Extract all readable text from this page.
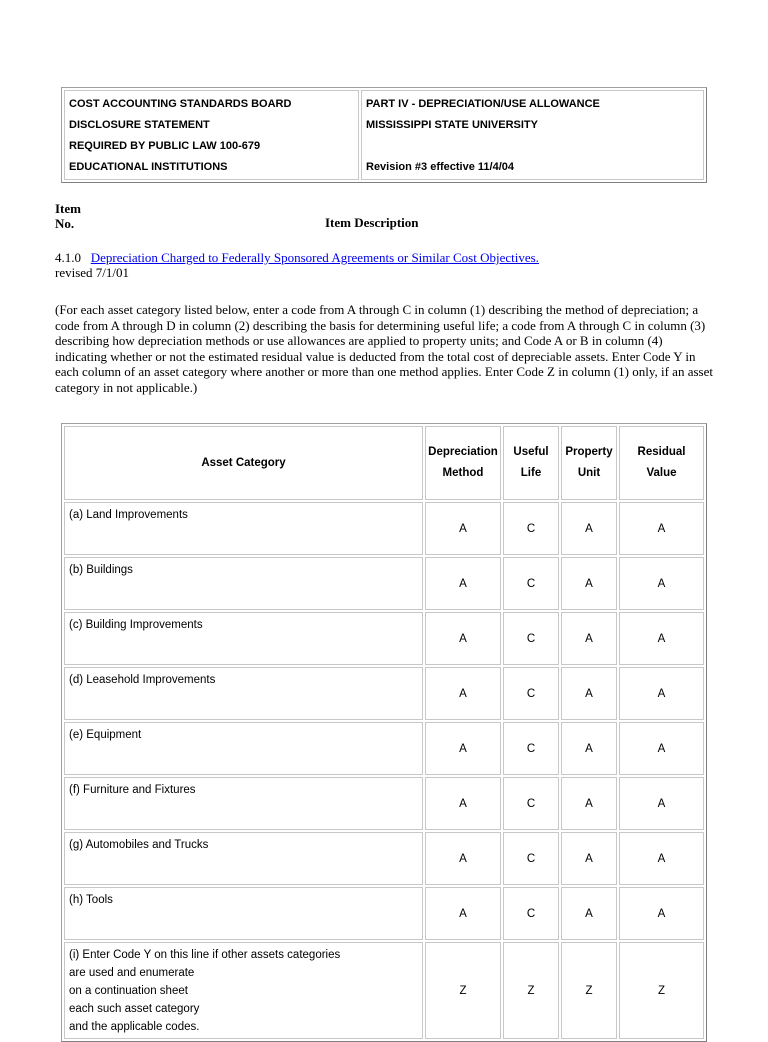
COST ACCOUNTING STANDARDS BOARD
DISCLOSURE STATEMENT
REQUIRED BY PUBLIC LAW 100-679
EDUCATIONAL INSTITUTIONS

PART IV - DEPRECIATION/USE ALLOWANCE
MISSISSIPPI STATE UNIVERSITY
Revision #3 effective 11/4/04
Item
No.	Item Description
4.1.0 Depreciation Charged to Federally Sponsored Agreements or Similar Cost Objectives.
revised 7/1/01
(For each asset category listed below, enter a code from A through C in column (1) describing the method of depreciation; a code from A through D in column (2) describing the basis for determining useful life; a code from A through C in column (3) describing how depreciation methods or use allowances are applied to property units; and Code A or B in column (4) indicating whether or not the estimated residual value is deducted from the total cost of depreciable assets. Enter Code Y in each column of an asset category where another or more than one method applies. Enter Code Z in column (1) only, if an asset category in not applicable.)
Asset Category	Depreciation Method	Useful Life	Property Unit	Residual Value
(a) Land Improvements	A	C	A	A
(b) Buildings	A	C	A	A
(c) Building Improvements	A	C	A	A
(d) Leasehold Improvements	A	C	A	A
(e) Equipment	A	C	A	A
(f) Furniture and Fixtures	A	C	A	A
(g) Automobiles and Trucks	A	C	A	A
(h) Tools	A	C	A	A

(i) Enter Code Y on this line if other assets categories
are used and enumerate
on a continuation sheet
each such asset category
and the applicable codes.	Z	Z	Z	Z
